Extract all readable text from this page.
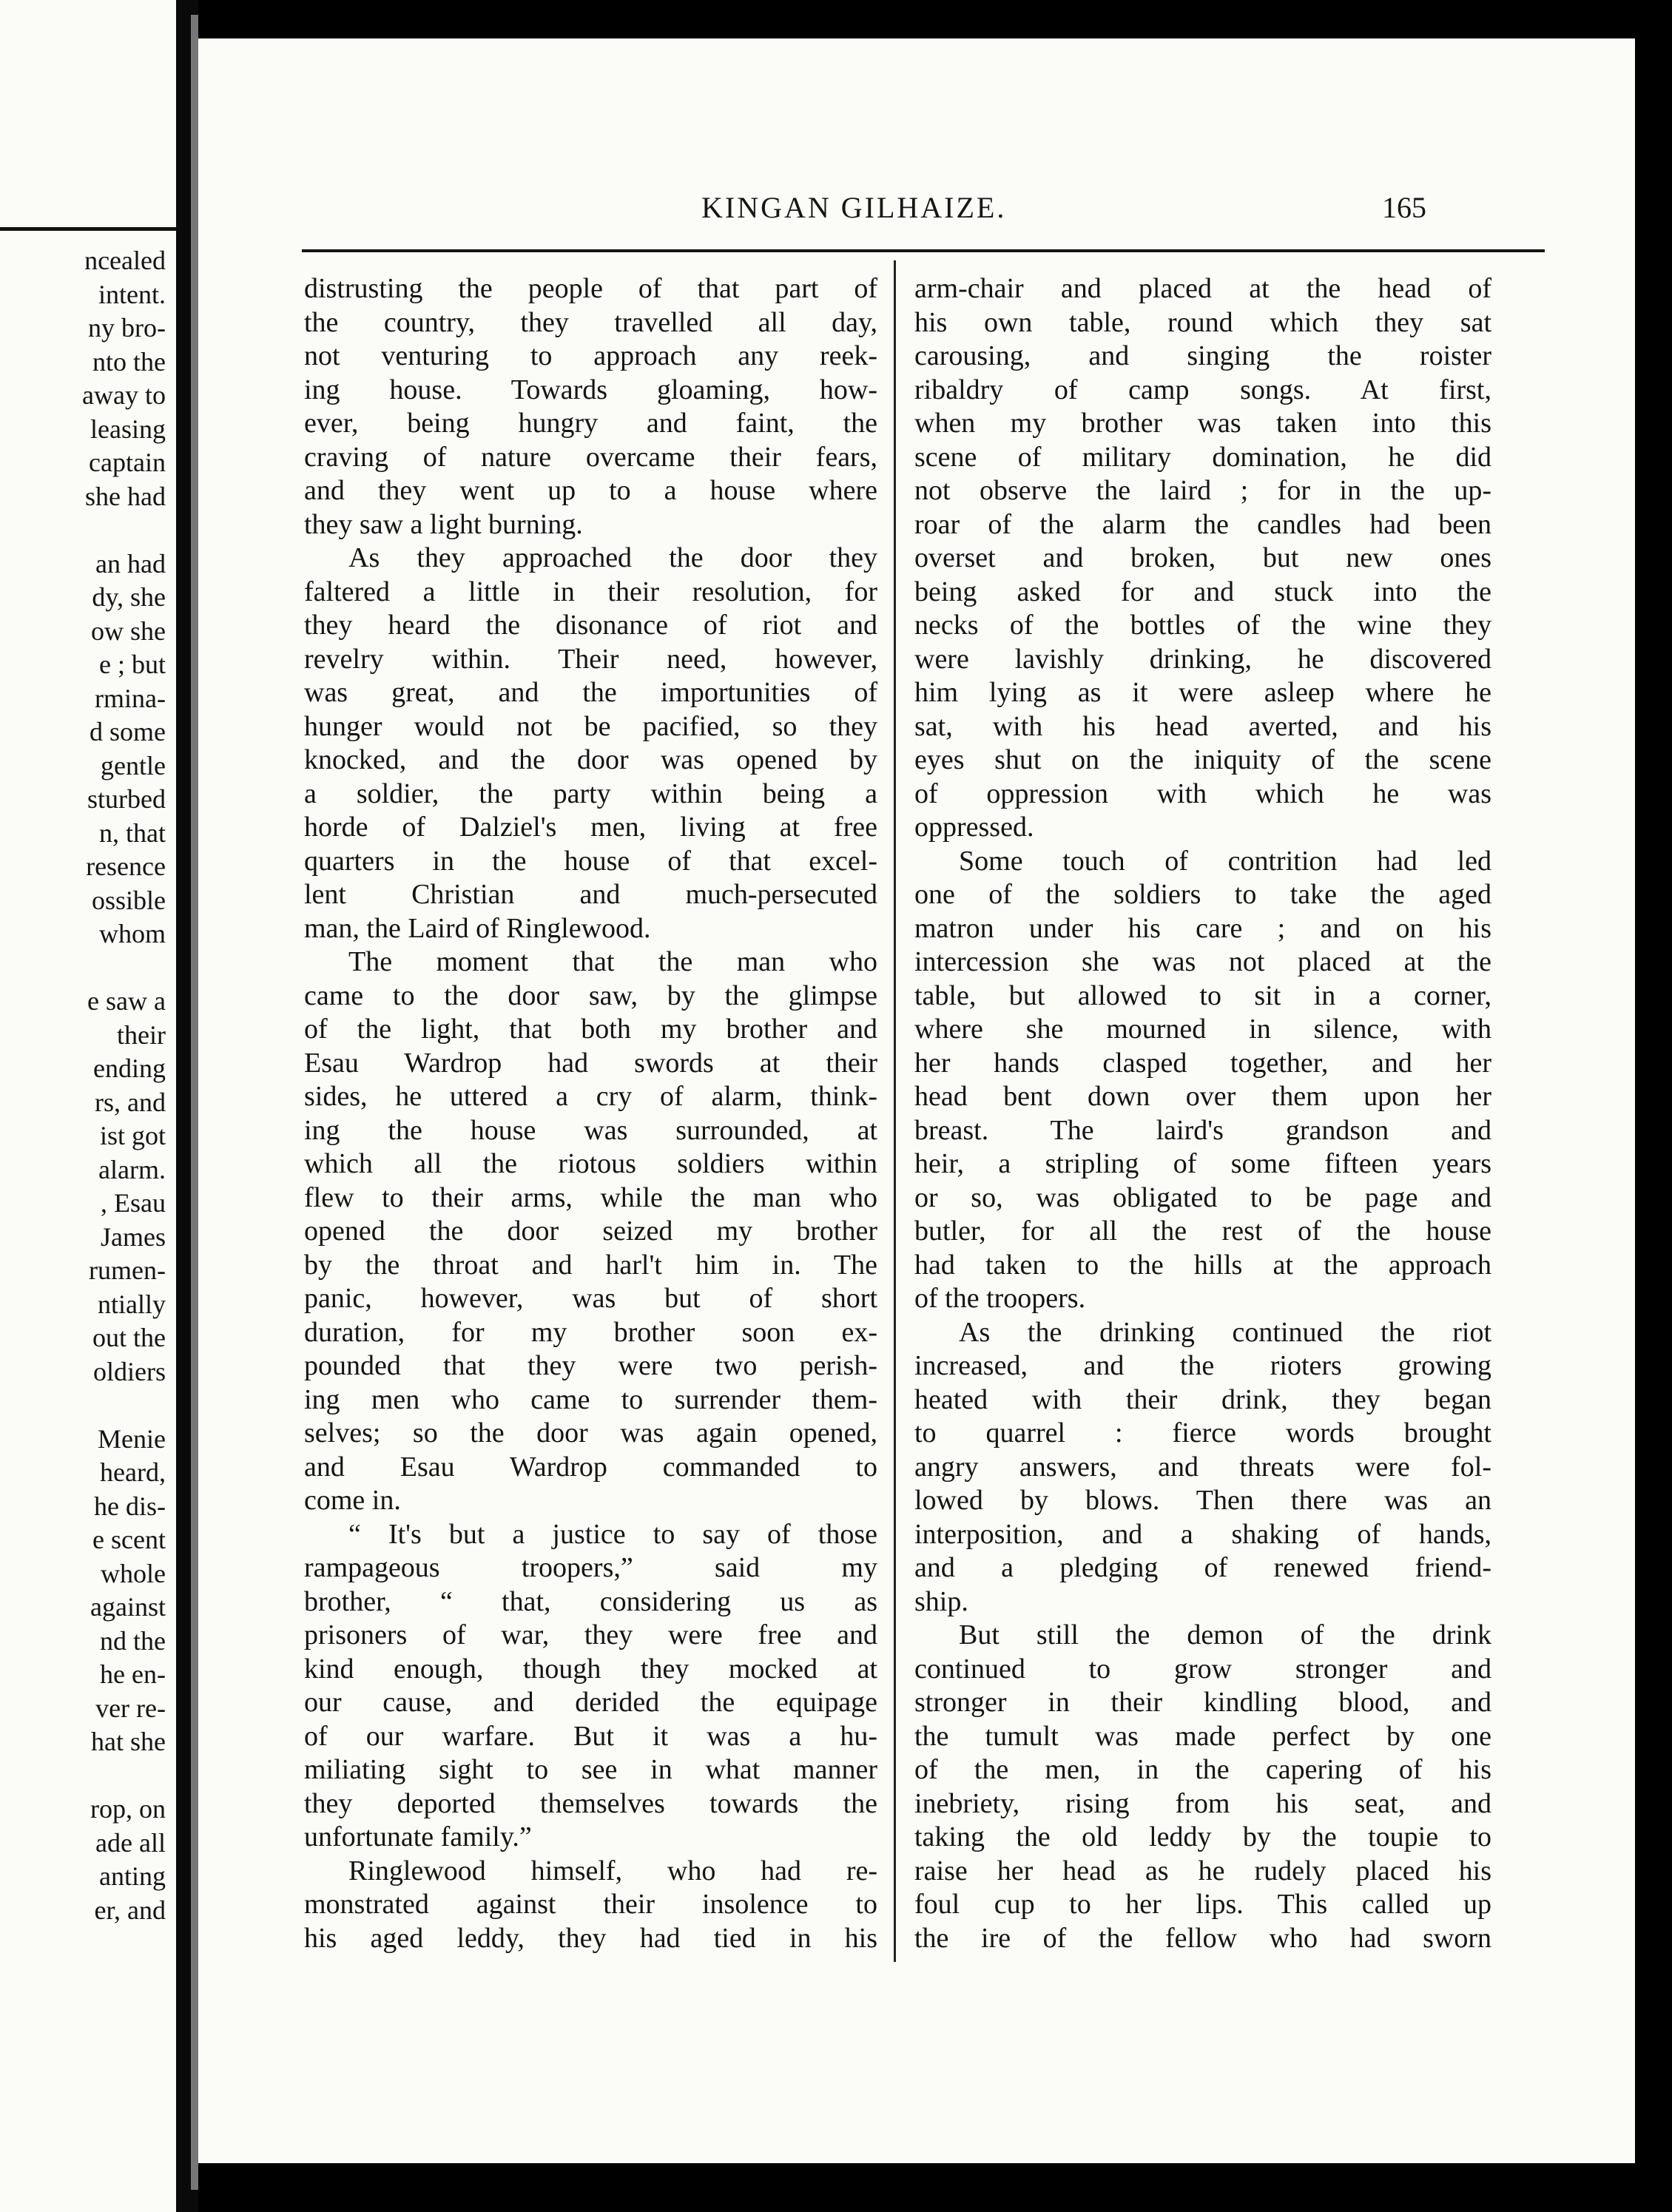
ncealed
intent.
ny bro-
nto the
away to
leasing
captain
she had

an had
dy, she
ow she
e ; but
rmina-
d some
gentle
sturbed
n, that
resence
ossible
whom

e saw a
their
ending
rs, and
ist got
alarm.
, Esau
James
rumen-
ntially
out the
oldiers

Menie
heard,
he dis-
e scent
whole
against
nd the
he en-
ver re-
hat she

rop, on
ade all
anting
er, and
KINGAN GILHAIZE.	165
distrusting the people of that part of
the country, they travelled all day,
not venturing to approach any reek-
ing house. Towards gloaming, how-
ever, being hungry and faint, the
craving of nature overcame their fears,
and they went up to a house where
they saw a light burning.
As they approached the door they
faltered a little in their resolution, for
they heard the disonance of riot and
revelry within. Their need, however,
was great, and the importunities of
hunger would not be pacified, so they
knocked, and the door was opened by
a soldier, the party within being a
horde of Dalziel's men, living at free
quarters in the house of that excel-
lent Christian and much-persecuted
man, the Laird of Ringlewood.
The moment that the man who
came to the door saw, by the glimpse
of the light, that both my brother and
Esau Wardrop had swords at their
sides, he uttered a cry of alarm, think-
ing the house was surrounded, at
which all the riotous soldiers within
flew to their arms, while the man who
opened the door seized my brother
by the throat and harl't him in. The
panic, however, was but of short
duration, for my brother soon ex-
pounded that they were two perish-
ing men who came to surrender them-
selves; so the door was again opened,
and Esau Wardrop commanded to
come in.
“ It's but a justice to say of those
rampageous troopers,” said my
brother, “ that, considering us as
prisoners of war, they were free and
kind enough, though they mocked at
our cause, and derided the equipage
of our warfare. But it was a hu-
miliating sight to see in what manner
they deported themselves towards the
unfortunate family.”
Ringlewood himself, who had re-
monstrated against their insolence to
his aged leddy, they had tied in his
arm-chair and placed at the head of
his own table, round which they sat
carousing, and singing the roister
ribaldry of camp songs. At first,
when my brother was taken into this
scene of military domination, he did
not observe the laird ; for in the up-
roar of the alarm the candles had been
overset and broken, but new ones
being asked for and stuck into the
necks of the bottles of the wine they
were lavishly drinking, he discovered
him lying as it were asleep where he
sat, with his head averted, and his
eyes shut on the iniquity of the scene
of oppression with which he was
oppressed.
Some touch of contrition had led
one of the soldiers to take the aged
matron under his care ; and on his
intercession she was not placed at the
table, but allowed to sit in a corner,
where she mourned in silence, with
her hands clasped together, and her
head bent down over them upon her
breast. The laird's grandson and
heir, a stripling of some fifteen years
or so, was obligated to be page and
butler, for all the rest of the house
had taken to the hills at the approach
of the troopers.
As the drinking continued the riot
increased, and the rioters growing
heated with their drink, they began
to quarrel : fierce words brought
angry answers, and threats were fol-
lowed by blows. Then there was an
interposition, and a shaking of hands,
and a pledging of renewed friend-
ship.
But still the demon of the drink
continued to grow stronger and
stronger in their kindling blood, and
the tumult was made perfect by one
of the men, in the capering of his
inebriety, rising from his seat, and
taking the old leddy by the toupie to
raise her head as he rudely placed his
foul cup to her lips. This called up
the ire of the fellow who had sworn
